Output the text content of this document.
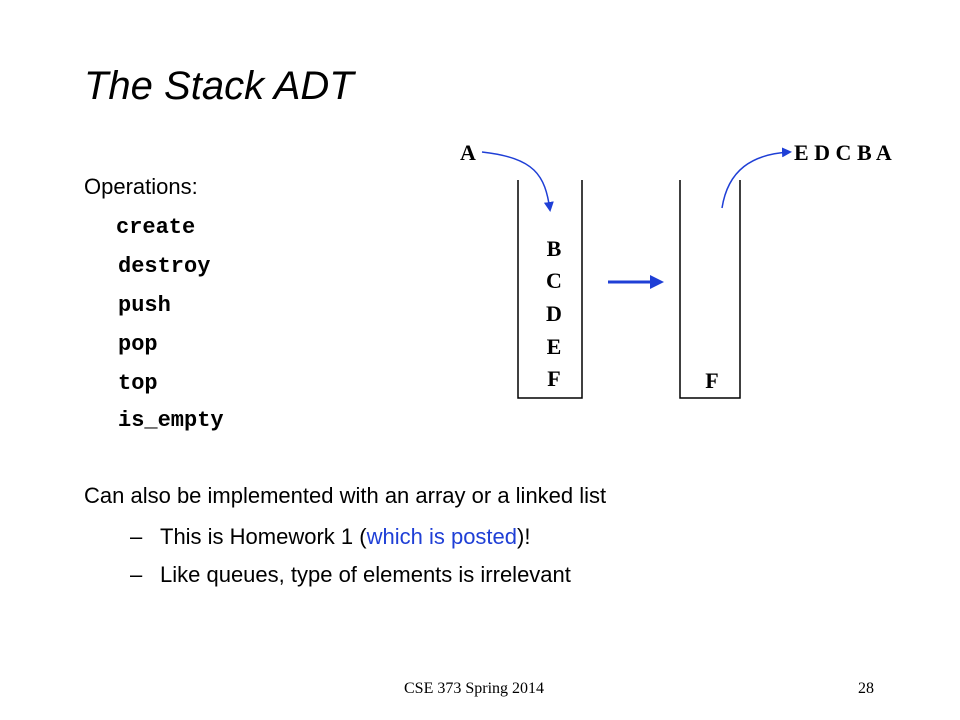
The Stack ADT
Operations:
create
destroy
push
pop
top
is_empty
Can also be implemented with an array or a linked list
– This is Homework 1 (which is posted)!
– Like queues, type of elements is irrelevant
A
B
C
D
E
F	F
E D C B A
CSE 373 Spring 2014	28
